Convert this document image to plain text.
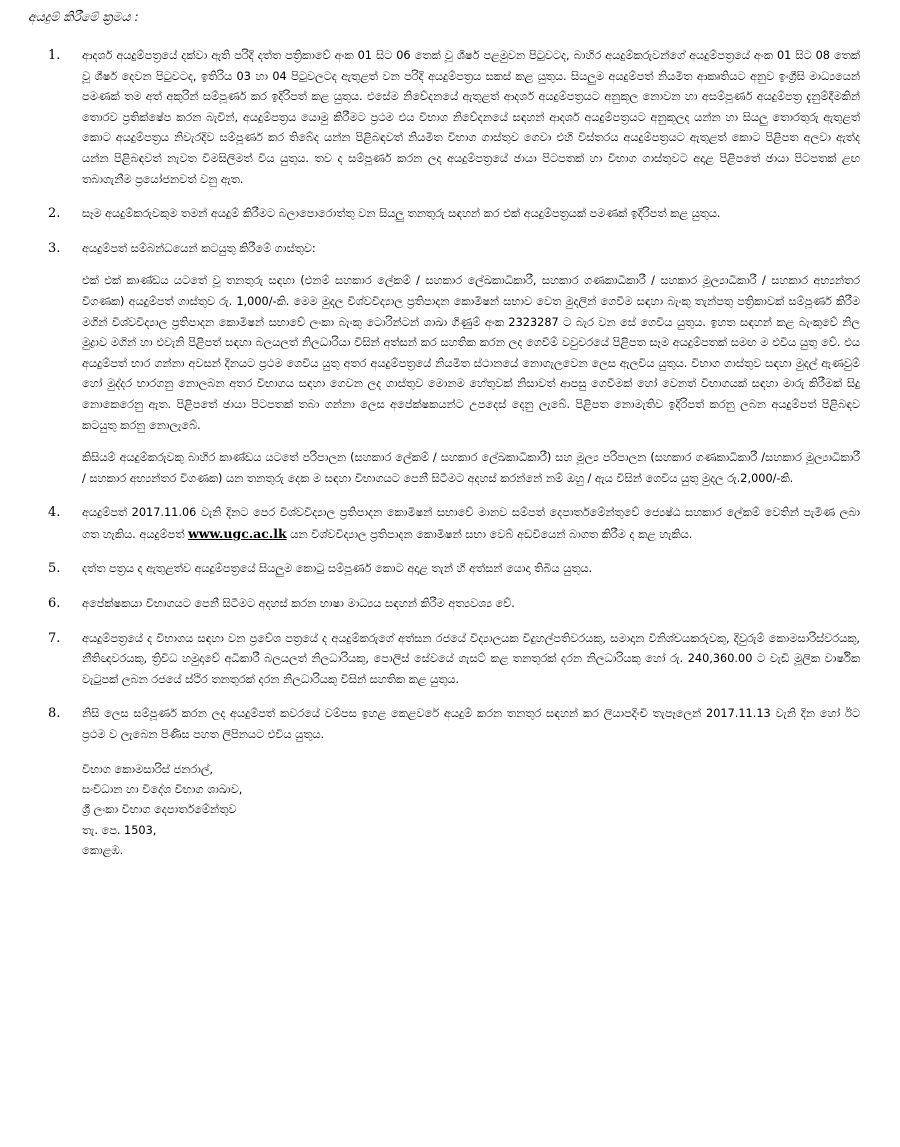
අයදුම් කිරීමේ ක්‍රමය :
1. ආදර්ශ අයදුම්පත්‍රයේ දක්වා ඇති පරිදි දත්ත පත්‍රිකාවේ අංක 01 සිට 06 තෙක් වූ ශීර්ෂ පළමුවන පිටුවටද, බාහිර අයදුම්කරුවන්ගේ අයදුම්පත්‍රයේ අංක 01 සිට 08 තෙක් වූ ශීර්ෂ දෙවන පිටුවටද, ඉතිරිය 03 හා 04 පිටුවලටද ඇතුළත් වන පරිදි අයදුම්පත්‍රය සකස් කළ යුතුය. සියලුම අයදුම්පත් නියමිත ආකෘතියට අනුව ඉංග්‍රීසි මාධ්‍යයෙන් පමණක් තම අත් අකුරින් සම්පූර්ණ කර ඉදිරිපත් කළ යුතුය. එසේම නිවේදනයේ ඇතුළත් ආදර්ශ අයදුම්පත්‍රයට අනුකූල නොවන හා අසම්පූර්ණ අයදුම්පත්‍ර දැනුම්දීමකින් තොරව ප්‍රතික්ෂේප කරන බැවින්, අයදුම්පත්‍රය යොමු කිරීමට ප්‍රථම එය විභාග නිවේදනයේ සඳහන් ආදර්ශ අයදුම්පත්‍රයට අනුකූලද යන්න හා සියලු තොරතුරු ඇතුළත් කොට අයදුම්පත්‍රය නිවැරදිව සම්පූර්ණ කර තිබේද යන්න පිළිබඳවත් නියමිත විභාග ගාස්තුව ගෙවා එහි විස්තරය අයදුම්පත්‍රයට ඇතුළත් කොට පිළිපත අලවා ඇත්ද යන්න පිළිබඳවත් නැවත විමසිලිමත් විය යුතුය. තව ද සම්පූර්ණ කරන ලද අයදුම්පත්‍රයේ ඡායා පිටපතක් හා විභාග ගාස්තුවට අදාළ පිළිපතේ ඡායා පිටපතක් ළඟ තබාගැනීම ප්‍රයෝජනවත් වනු ඇත.

2. සෑම අයදුම්කරුවකුම තමන් අයදුම් කිරීමට බලාපොරොත්තු වන සියලු තනතුරු සඳහන් කර එක් අයදුම්පත්‍රයක් පමණක් ඉදිරිපත් කළ යුතුය.

3. අයදුම්පත් සම්බන්ධයෙන් කටයුතු කිරීමේ ගාස්තුව:

එක් එක් කාණ්ඩය යටතේ වූ තනතුරු සඳහා (එනම් සහකාර ලේකම් / සහකාර ලේඛකාධිකාරී, සහකාර ගණකාධිකාරී / සහකාර මූල්‍යාධිකාරී / සහකාර අභ්‍යන්තර විගණක) අයදුම්පත් ගාස්තුව රු. 1,000/-කි. මෙම මුදල විශ්වවිද්‍යාල ප්‍රතිපාදන කොමිෂන් සභාව වෙත මුදලින් ගෙවීම සඳහා බැංකු තැන්පතු පත්‍රිකාවක් සම්පූර්ණ කිරීම මගින් විශ්වවිද්‍යාල ප්‍රතිපාදන කොමිෂන් සභාවේ ලංකා බැංකු ටොරින්ටන් ශාඛා ගිණුම් අංක 2323287 ට බැර වන සේ ගෙවිය යුතුය. ඉහත සඳහන් කළ බැංකුවේ නිල මුද්‍රාව මගින් හා එවැනි පිළිපත් සඳහා බලයලත් නිලධාරියා විසින් අත්සන් කර සහතික කරන ලද ගෙවීම් වවුචරයේ පිළිපත සෑම අයදුම්පතක් සමඟ ම එවිය යුතු වේ. එය අයදුම්පත් භාර ගන්නා අවසන් දිනයට ප්‍රථම ගෙවිය යුතු අතර අයදුම්පත්‍රයේ නියමිත ස්ථානයේ නොගැලවෙන ලෙස ඇලවිය යුතුය. විභාග ගාස්තුව සඳහා මුදල් ඇණවුම් හෝ මුද්දර භාරගනු නොලබන අතර විභාගය සඳහා ගෙවන ලද ගාස්තුව මොනම හේතුවක් නිසාවත් ආපසු ගෙවීමක් හෝ වෙනත් විභාගයක් සඳහා මාරු කිරීමක් සිදු නොකෙරෙනු ඇත. පිළිපතේ ඡායා පිටපතක් තබා ගන්නා ලෙස අපේක්ෂකයන්ට උපදෙස් දෙනු ලැබේ. පිළිපත නොමැතිව ඉදිරිපත් කරනු ලබන අයදුම්පත් පිළිබඳව කටයුතු කරනු නොලැබේ.

කිසියම් අයදුම්කරුවකු බාහිර කාණ්ඩය යටතේ පරිපාලන (සහකාර ලේකම් / සහකාර ලේඛකාධිකාරී) සහ මූල්‍ය පරිපාලන (සහකාර ගණකාධිකාරී /සහකාර මූල්‍යාධිකාරී / සහකාර අභ්‍යන්තර විගණක) යන තනතුරු දෙක ම සඳහා විභාගයට පෙනී සිටීමට අදහස් කරන්නේ නම් ඔහු / ඇය විසින් ගෙවිය යුතු මුදල රු.2,000/-කි.

4. අයදුම්පත් 2017.11.06 වැනි දිනට පෙර විශ්වවිද්‍යාල ප්‍රතිපාදන කොමිෂන් සභාවේ මානව සම්පත් දෙපාර්තමේන්තුවේ ජ්‍යෙෂ්ඨ සහකාර ලේකම් වෙතින් පැමිණ ලබා ගත හැකිය. අයදුම්පත් www.ugc.ac.lk යන විශ්වවිද්‍යාල ප්‍රතිපාදන කොමිෂන් සභා වෙබ් අඩවියෙන් බාගත කිරීම ද කළ හැකිය.

5. දත්ත පත්‍රය ද ඇතුළත්ව අයදුම්පත්‍රයේ සියලුම කොටු සම්පූර්ණ කොට අදාළ තැන් හි අත්සන් යොදා තිබිය යුතුය.

6. අපේක්ෂකයා විභාගයට පෙනී සිටීමට අදහස් කරන භාෂා මාධ්‍යය සඳහන් කිරීම අත්‍යවශ්‍ය වේ.

7. අයදුම්පත්‍රයේ ද විභාගය සඳහා වන ප්‍රවේශ පත්‍රයේ ද අයදුම්කරුගේ අත්සන රජයේ විද්‍යාලයක විදුහල්පතිවරයකු, සමාදාන විනිශ්චයකරුවකු, දිවුරුම් කොමසාරිස්වරයකු, නීතිඥවරයකු, ත්‍රිවිධ හමුදාවේ අධිකාරී බලයලත් නිලධාරියකු, පොලිස් සේවයේ ගැසට් කළ තනතුරක් දරන නිලධාරියකු හෝ රු. 240,360.00 ට වැඩි මූලික වාර්ෂික වැටුපක් ලබන රජයේ ස්ථිර තනතුරක් දරන නිලධාරියකු විසින් සහතික කළ යුතුය.

8. නිසි ලෙස සම්පූර්ණ කරන ලද අයදුම්පත් කවරයේ වම්පස ඉහළ කෙළවරේ අයදුම් කරන තනතුර සඳහන් කර ලියාපදිංචි තැපෑලෙන් 2017.11.13 වැනි දින හෝ ඊට ප්‍රථම ව ලැබෙන පිණිස පහත ලිපිනයට එවිය යුතුය.

විභාග කොමසාරිස් ජනරාල්,
සංවිධාන හා විදේශ විභාග ශාඛාව,
ශ්‍රී ලංකා විභාග දෙපාර්තමේන්තුව
තැ. පෙ. 1503,
කොළඹ.
